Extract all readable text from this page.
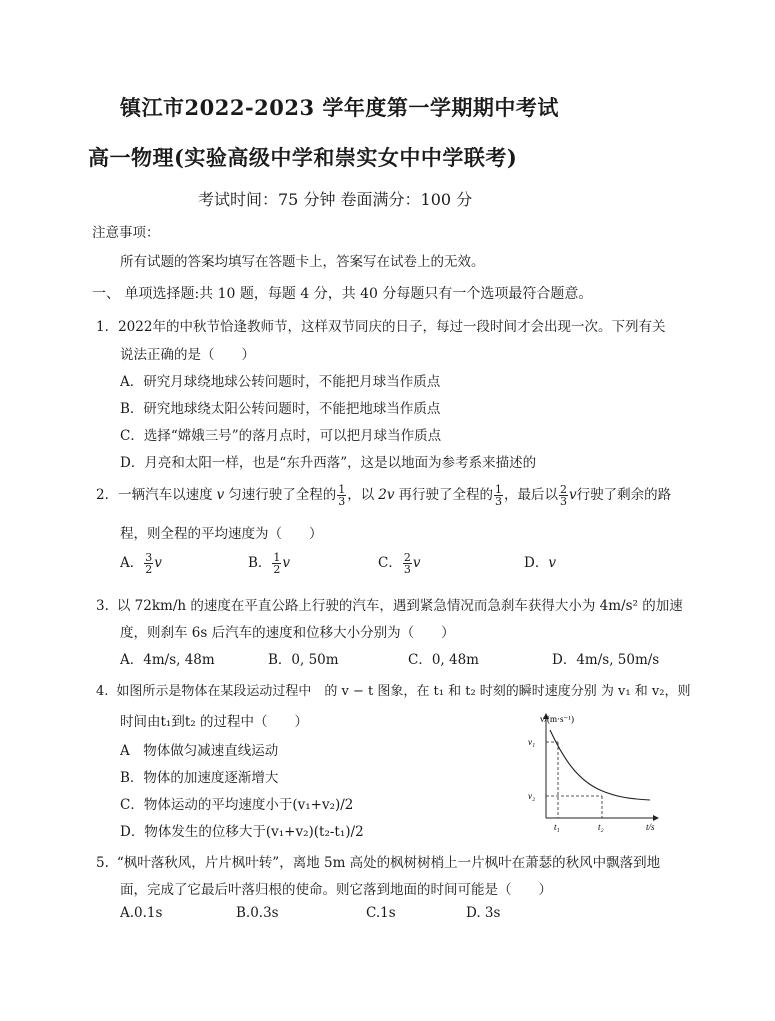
镇江市2022-2023 学年度第一学期期中考试
高一物理(实验高级中学和崇实女中中学联考)
考试时间：75 分钟 卷面满分：100 分
注意事项：
所有试题的答案均填写在答题卡上，答案写在试卷上的无效。
一、 单项选择题:共 10 题，每题 4 分，共 40 分每题只有一个选项最符合题意。
1．2022年的中秋节恰逢教师节，这样双节同庆的日子，每过一段时间才会出现一次。下列有关
说法正确的是（　　）
A．研究月球绕地球公转问题时，不能把月球当作质点
B．研究地球绕太阳公转问题时，不能把地球当作质点
C．选择“嫦娥三号”的落月点时，可以把月球当作质点
D．月亮和太阳一样，也是“东升西落”，这是以地面为参考系来描述的
2．一辆汽车以速度 v 匀速行驶了全程的 $\frac{1}{3}$ ，以 2v 再行驶了全程的 $\frac{1}{3}$ ，最后以 $\frac{2}{3}$ v行驶了剩余的路
程，则全程的平均速度为（　　）
A． $\frac{3}{2}$ v	B． $\frac{1}{2}$ v	C． $\frac{2}{3}$ v	D．v
3. 以 72km/h 的速度在平直公路上行驶的汽车，遇到紧急情况而急刹车获得大小为 4m/s² 的加速
度，则刹车 6s 后汽车的速度和位移大小分别为（　　）
A．4m/s, 48m	B．0, 50m	C．0, 48m	D．4m/s, 50m/s
4. 如图所示是物体在某段运动过程中　的 v − t 图象，在 t₁ 和 t₂ 时刻的瞬时速度分别 为 v₁ 和 v₂，则
时间由t₁到t₂ 的过程中（　　）
A　物体做匀减速直线运动
B．物体的加速度逐渐增大
C．物体运动的平均速度小于(v₁+v₂)/2
D．物体发生的位移大于(v₁+v₂)(t₂-t₁)/2
v/(m·s⁻¹)
v₁
v₂
t₁	t₂	t/s
5. “枫叶落秋风，片片枫叶转”，离地 5m 高处的枫树树梢上一片枫叶在萧瑟的秋风中飘落到地
面，完成了它最后叶落归根的使命。则它落到地面的时间可能是（　　）
A.0.1s	B.0.3s	C.1s	D. 3s
